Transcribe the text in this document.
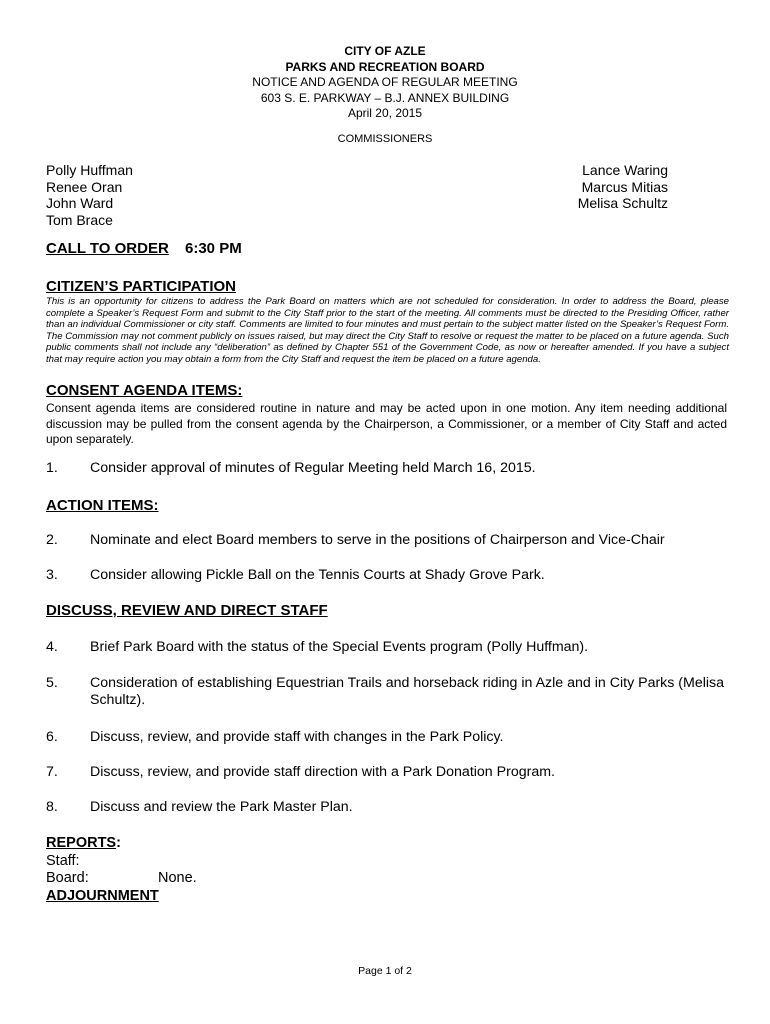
CITY OF AZLE
PARKS AND RECREATION BOARD
NOTICE AND AGENDA OF REGULAR MEETING
603 S. E. PARKWAY – B.J. ANNEX BUILDING
April 20, 2015
COMMISSIONERS
Polly Huffman
Renee Oran
John Ward
Tom Brace
Lance Waring
Marcus Mitias
Melisa Schultz
CALL TO ORDER 6:30 PM
CITIZEN’S PARTICIPATION
This is an opportunity for citizens to address the Park Board on matters which are not scheduled for consideration. In order to address the Board, please complete a Speaker’s Request Form and submit to the City Staff prior to the start of the meeting. All comments must be directed to the Presiding Officer, rather than an individual Commissioner or city staff. Comments are limited to four minutes and must pertain to the subject matter listed on the Speaker’s Request Form. The Commission may not comment publicly on issues raised, but may direct the City Staff to resolve or request the matter to be placed on a future agenda. Such public comments shall not include any “deliberation” as defined by Chapter 551 of the Government Code, as now or hereafter amended. If you have a subject that may require action you may obtain a form from the City Staff and request the item be placed on a future agenda.
CONSENT AGENDA ITEMS:
Consent agenda items are considered routine in nature and may be acted upon in one motion. Any item needing additional discussion may be pulled from the consent agenda by the Chairperson, a Commissioner, or a member of City Staff and acted upon separately.
1. Consider approval of minutes of Regular Meeting held March 16, 2015.
ACTION ITEMS:
2. Nominate and elect Board members to serve in the positions of Chairperson and Vice-Chair
3. Consider allowing Pickle Ball on the Tennis Courts at Shady Grove Park.
DISCUSS, REVIEW AND DIRECT STAFF
4. Brief Park Board with the status of the Special Events program (Polly Huffman).
5. Consideration of establishing Equestrian Trails and horseback riding in Azle and in City Parks (Melisa Schultz).
6. Discuss, review, and provide staff with changes in the Park Policy.
7. Discuss, review, and provide staff direction with a Park Donation Program.
8. Discuss and review the Park Master Plan.
REPORTS:
Staff:
Board:	None.
ADJOURNMENT
Page 1 of 2
